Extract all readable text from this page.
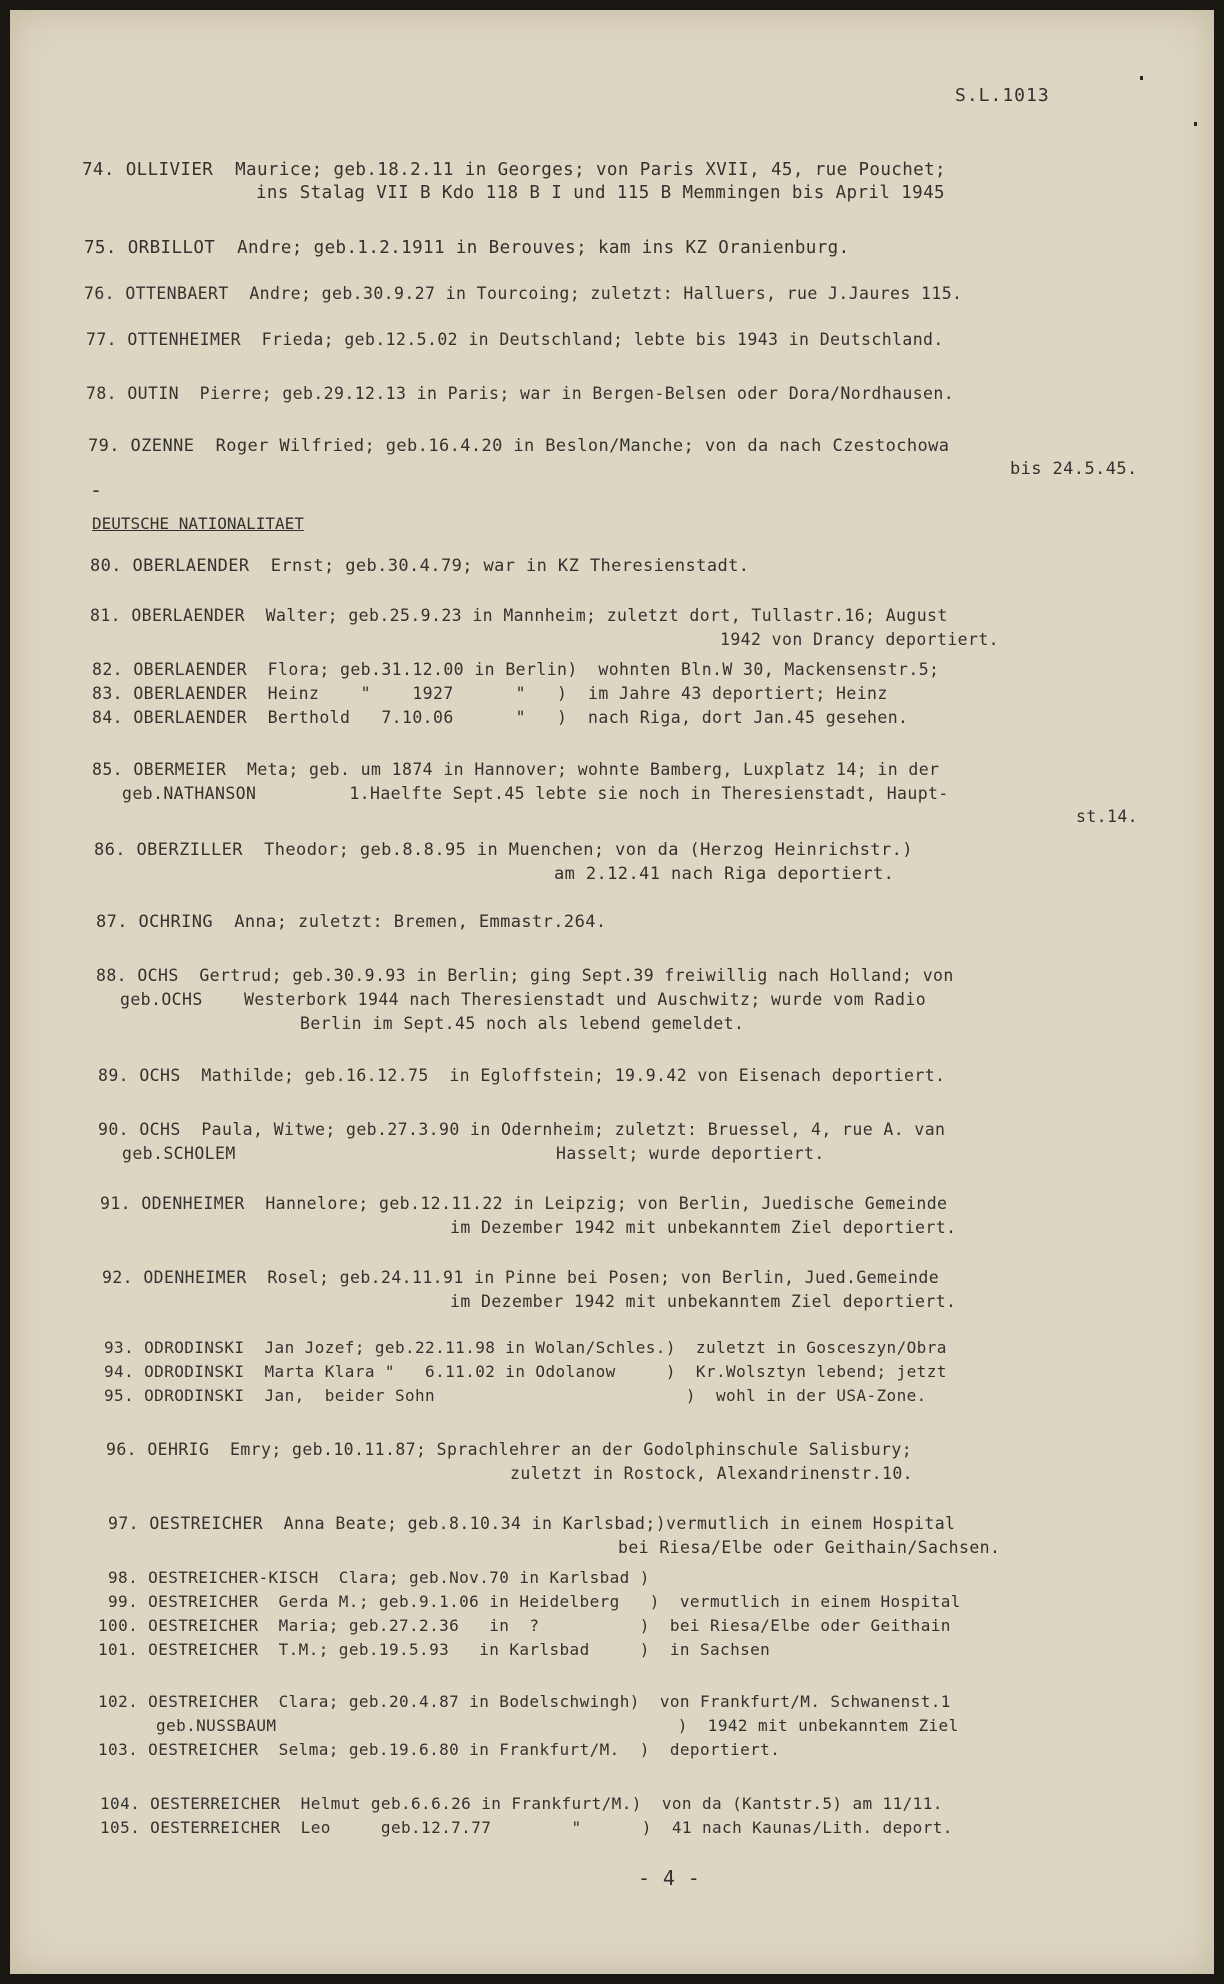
S.L.1013
74. OLLIVIER  Maurice; geb.18.2.11 in Georges; von Paris XVII, 45, rue Pouchet;
ins Stalag VII B Kdo 118 B I und 115 B Memmingen bis April 1945
75. ORBILLOT  Andre; geb.1.2.1911 in Berouves; kam ins KZ Oranienburg.
76. OTTENBAERT  Andre; geb.30.9.27 in Tourcoing; zuletzt: Halluers, rue J.Jaures 115.
77. OTTENHEIMER  Frieda; geb.12.5.02 in Deutschland; lebte bis 1943 in Deutschland.
78. OUTIN  Pierre; geb.29.12.13 in Paris; war in Bergen-Belsen oder Dora/Nordhausen.
79. OZENNE  Roger Wilfried; geb.16.4.20 in Beslon/Manche; von da nach Czestochowa
bis 24.5.45.
-
DEUTSCHE NATIONALITAET
80. OBERLAENDER  Ernst; geb.30.4.79; war in KZ Theresienstadt.
81. OBERLAENDER  Walter; geb.25.9.23 in Mannheim; zuletzt dort, Tullastr.16; August
1942 von Drancy deportiert.
82. OBERLAENDER  Flora; geb.31.12.00 in Berlin)  wohnten Bln.W 30, Mackensenstr.5;
83. OBERLAENDER  Heinz    "    1927      "   )  im Jahre 43 deportiert; Heinz
84. OBERLAENDER  Berthold   7.10.06      "   )  nach Riga, dort Jan.45 gesehen.
85. OBERMEIER  Meta; geb. um 1874 in Hannover; wohnte Bamberg, Luxplatz 14; in der
geb.NATHANSON         1.Haelfte Sept.45 lebte sie noch in Theresienstadt, Haupt-
st.14.
86. OBERZILLER  Theodor; geb.8.8.95 in Muenchen; von da (Herzog Heinrichstr.)
am 2.12.41 nach Riga deportiert.
87. OCHRING  Anna; zuletzt: Bremen, Emmastr.264.
88. OCHS  Gertrud; geb.30.9.93 in Berlin; ging Sept.39 freiwillig nach Holland; von
geb.OCHS    Westerbork 1944 nach Theresienstadt und Auschwitz; wurde vom Radio
Berlin im Sept.45 noch als lebend gemeldet.
89. OCHS  Mathilde; geb.16.12.75  in Egloffstein; 19.9.42 von Eisenach deportiert.
90. OCHS  Paula, Witwe; geb.27.3.90 in Odernheim; zuletzt: Bruessel, 4, rue A. van
geb.SCHOLEM                               Hasselt; wurde deportiert.
91. ODENHEIMER  Hannelore; geb.12.11.22 in Leipzig; von Berlin, Juedische Gemeinde
im Dezember 1942 mit unbekanntem Ziel deportiert.
92. ODENHEIMER  Rosel; geb.24.11.91 in Pinne bei Posen; von Berlin, Jued.Gemeinde
im Dezember 1942 mit unbekanntem Ziel deportiert.
93. ODRODINSKI  Jan Jozef; geb.22.11.98 in Wolan/Schles.)  zuletzt in Gosceszyn/Obra
94. ODRODINSKI  Marta Klara "   6.11.02 in Odolanow     )  Kr.Wolsztyn lebend; jetzt
95. ODRODINSKI  Jan,  beider Sohn                         )  wohl in der USA-Zone.
96. OEHRIG  Emry; geb.10.11.87; Sprachlehrer an der Godolphinschule Salisbury;
zuletzt in Rostock, Alexandrinenstr.10.
97. OESTREICHER  Anna Beate; geb.8.10.34 in Karlsbad;)vermutlich in einem Hospital
bei Riesa/Elbe oder Geithain/Sachsen.
98. OESTREICHER-KISCH  Clara; geb.Nov.70 in Karlsbad )
99. OESTREICHER  Gerda M.; geb.9.1.06 in Heidelberg   )  vermutlich in einem Hospital
100. OESTREICHER  Maria; geb.27.2.36   in  ?          )  bei Riesa/Elbe oder Geithain
101. OESTREICHER  T.M.; geb.19.5.93   in Karlsbad     )  in Sachsen
102. OESTREICHER  Clara; geb.20.4.87 in Bodelschwingh)  von Frankfurt/M. Schwanenst.1
geb.NUSSBAUM                                        )  1942 mit unbekanntem Ziel
103. OESTREICHER  Selma; geb.19.6.80 in Frankfurt/M.  )  deportiert.
104. OESTERREICHER  Helmut geb.6.6.26 in Frankfurt/M.)  von da (Kantstr.5) am 11/11.
105. OESTERREICHER  Leo     geb.12.7.77        "      )  41 nach Kaunas/Lith. deport.
- 4 -
